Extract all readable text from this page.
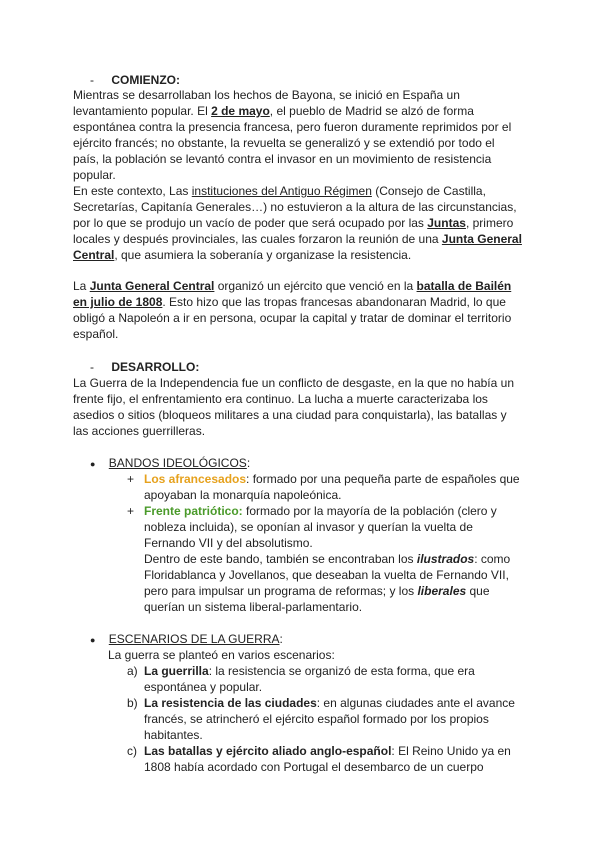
- COMIENZO:
Mientras se desarrollaban los hechos de Bayona, se inició en España un
levantamiento popular. El 2 de mayo, el pueblo de Madrid se alzó de forma
espontánea contra la presencia francesa, pero fueron duramente reprimidos por el
ejército francés; no obstante, la revuelta se generalizó y se extendió por todo el
país, la población se levantó contra el invasor en un movimiento de resistencia
popular.
En este contexto, Las instituciones del Antiguo Régimen (Consejo de Castilla,
Secretarías, Capitanía Generales…) no estuvieron a la altura de las circunstancias,
por lo que se produjo un vacío de poder que será ocupado por las Juntas, primero
locales y después provinciales, las cuales forzaron la reunión de una Junta General
Central, que asumiera la soberanía y organizase la resistencia.
La Junta General Central organizó un ejército que venció en la batalla de Bailén
en julio de 1808. Esto hizo que las tropas francesas abandonaran Madrid, lo que
obligó a Napoleón a ir en persona, ocupar la capital y tratar de dominar el territorio
español.
- DESARROLLO:
La Guerra de la Independencia fue un conflicto de desgaste, en la que no había un
frente fijo, el enfrentamiento era continuo. La lucha a muerte caracterizaba los
asedios o sitios (bloqueos militares a una ciudad para conquistarla), las batallas y
las acciones guerrilleras.
● BANDOS IDEOLÓGICOS:
+ Los afrancesados: formado por una pequeña parte de españoles que
apoyaban la monarquía napoleónica.
+ Frente patriótico: formado por la mayoría de la población (clero y
nobleza incluida), se oponían al invasor y querían la vuelta de
Fernando VII y del absolutismo.
Dentro de este bando, también se encontraban los ilustrados: como
Floridablanca y Jovellanos, que deseaban la vuelta de Fernando VII,
pero para impulsar un programa de reformas; y los liberales que
querían un sistema liberal-parlamentario.
● ESCENARIOS DE LA GUERRA:
La guerra se planteó en varios escenarios:
a) La guerrilla: la resistencia se organizó de esta forma, que era
espontánea y popular.
b) La resistencia de las ciudades: en algunas ciudades ante el avance
francés, se atrincheró el ejército español formado por los propios
habitantes.
c) Las batallas y ejército aliado anglo-español: El Reino Unido ya en
1808 había acordado con Portugal el desembarco de un cuerpo
